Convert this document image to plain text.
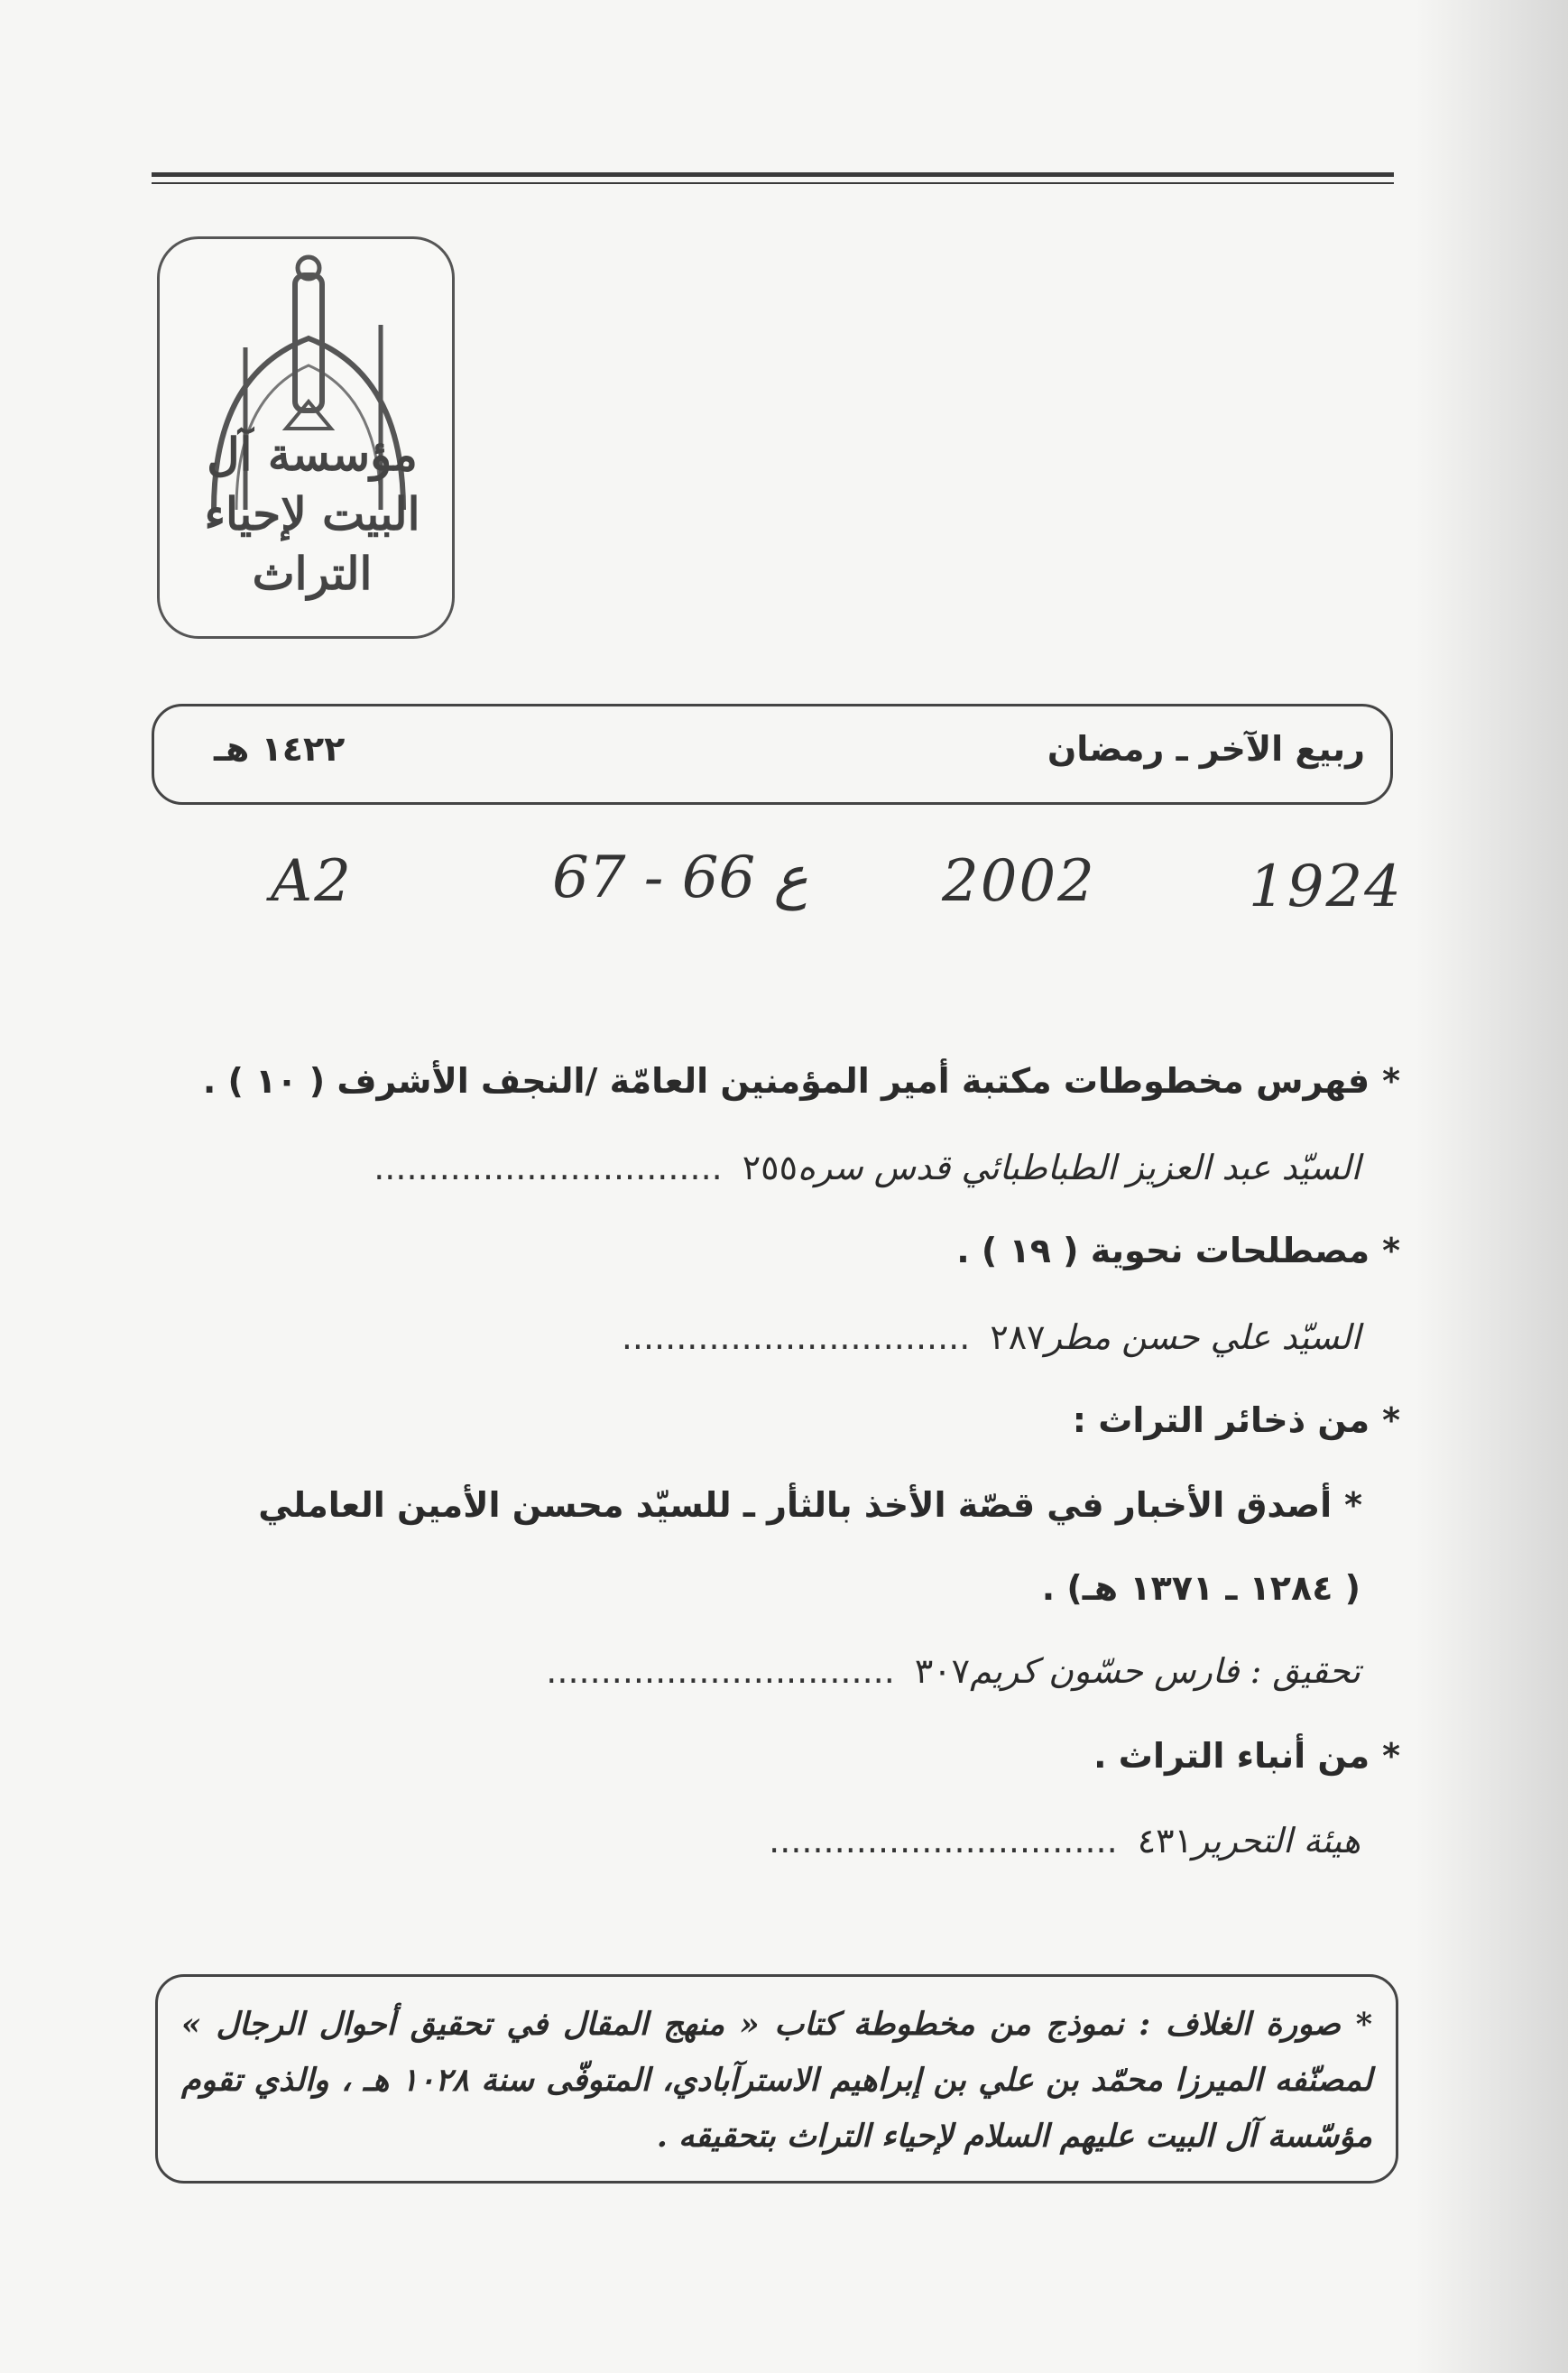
مؤسسة آل البيت لإحياء التراث
ربيع الآخر ـ رمضان
١٤٢٢ هـ
A2	67 - 66 ع 2002	1924
*فهرس مخطوطات مكتبة أمير المؤمنين العامّة /النجف الأشرف ( ١٠ ) .
السيّد عبد العزيز الطباطبائي قدس سره٢٥٥................................
*مصطلحات نحوية ( ١٩ ) .
السيّد علي حسن مطر٢٨٧................................
*من ذخائر التراث :
*أصدق الأخبار في قصّة الأخذ بالثأر ـ للسيّد محسن الأمين العاملي
( ١٢٨٤ ـ ١٣٧١ هـ) .
تحقيق : فارس حسّون كريم٣٠٧................................
*من أنباء التراث .
هيئة التحرير٤٣١................................

* صورة الغلاف : نموذج من مخطوطة كتاب « منهج المقال في تحقيق أحوال الرجال » لمصنّفه الميرزا محمّد بن علي بن إبراهيم الاسترآبادي، المتوفّى سنة ١٠٢٨ هـ ، والذي تقوم مؤسّسة آل البيت عليهم السلام لإحياء التراث بتحقيقه .
